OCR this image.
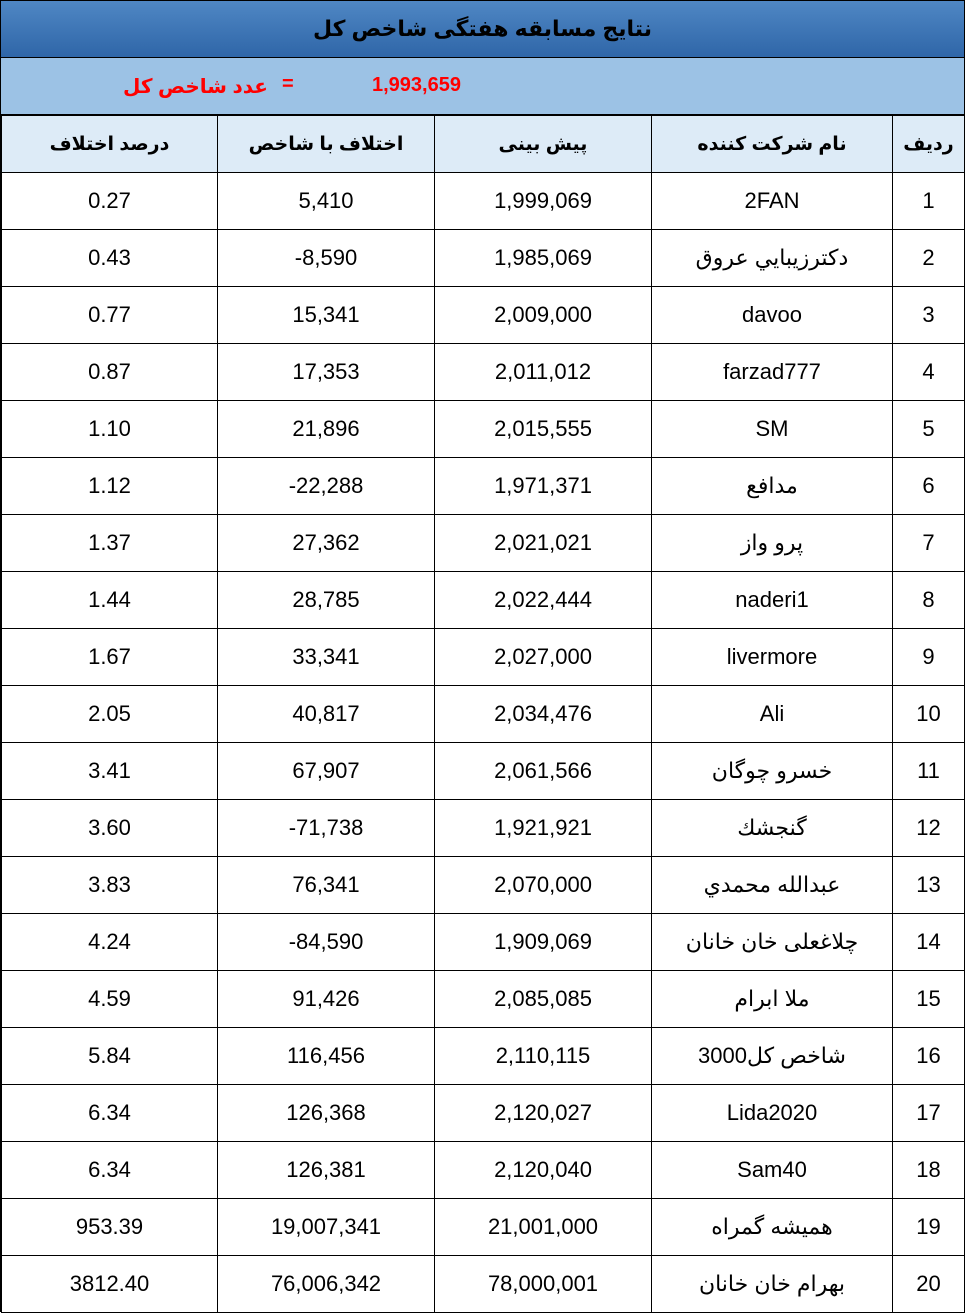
نتایج مسابقه هفتگی شاخص کل
1,993,659
=
عدد شاخص کل
درصد اختلاف	اختلاف با شاخص	پیش بینی	نام شرکت کننده	ردیف
0.27	5,410	1,999,069	2FAN	1
0.43	-8,590	1,985,069	دكترزيبايي عروق	2
0.77	15,341	2,009,000	davoo	3
0.87	17,353	2,011,012	farzad777	4
1.10	21,896	2,015,555	SM	5
1.12	-22,288	1,971,371	مدافع	6
1.37	27,362	2,021,021	پرو واز	7
1.44	28,785	2,022,444	naderi1	8
1.67	33,341	2,027,000	livermore	9
2.05	40,817	2,034,476	Ali	10
3.41	67,907	2,061,566	خسرو چوگان	11
3.60	-71,738	1,921,921	گنجشك	12
3.83	76,341	2,070,000	عبدالله محمدي	13
4.24	-84,590	1,909,069	چلاغعلی خان خانان	14
4.59	91,426	2,085,085	ملا ابرام	15
5.84	116,456	2,110,115	شاخص کل3000	16
6.34	126,368	2,120,027	Lida2020	17
6.34	126,381	2,120,040	Sam40	18
953.39	19,007,341	21,001,000	همیشه گمراه	19
3812.40	76,006,342	78,000,001	بهرام خان خانان	20
